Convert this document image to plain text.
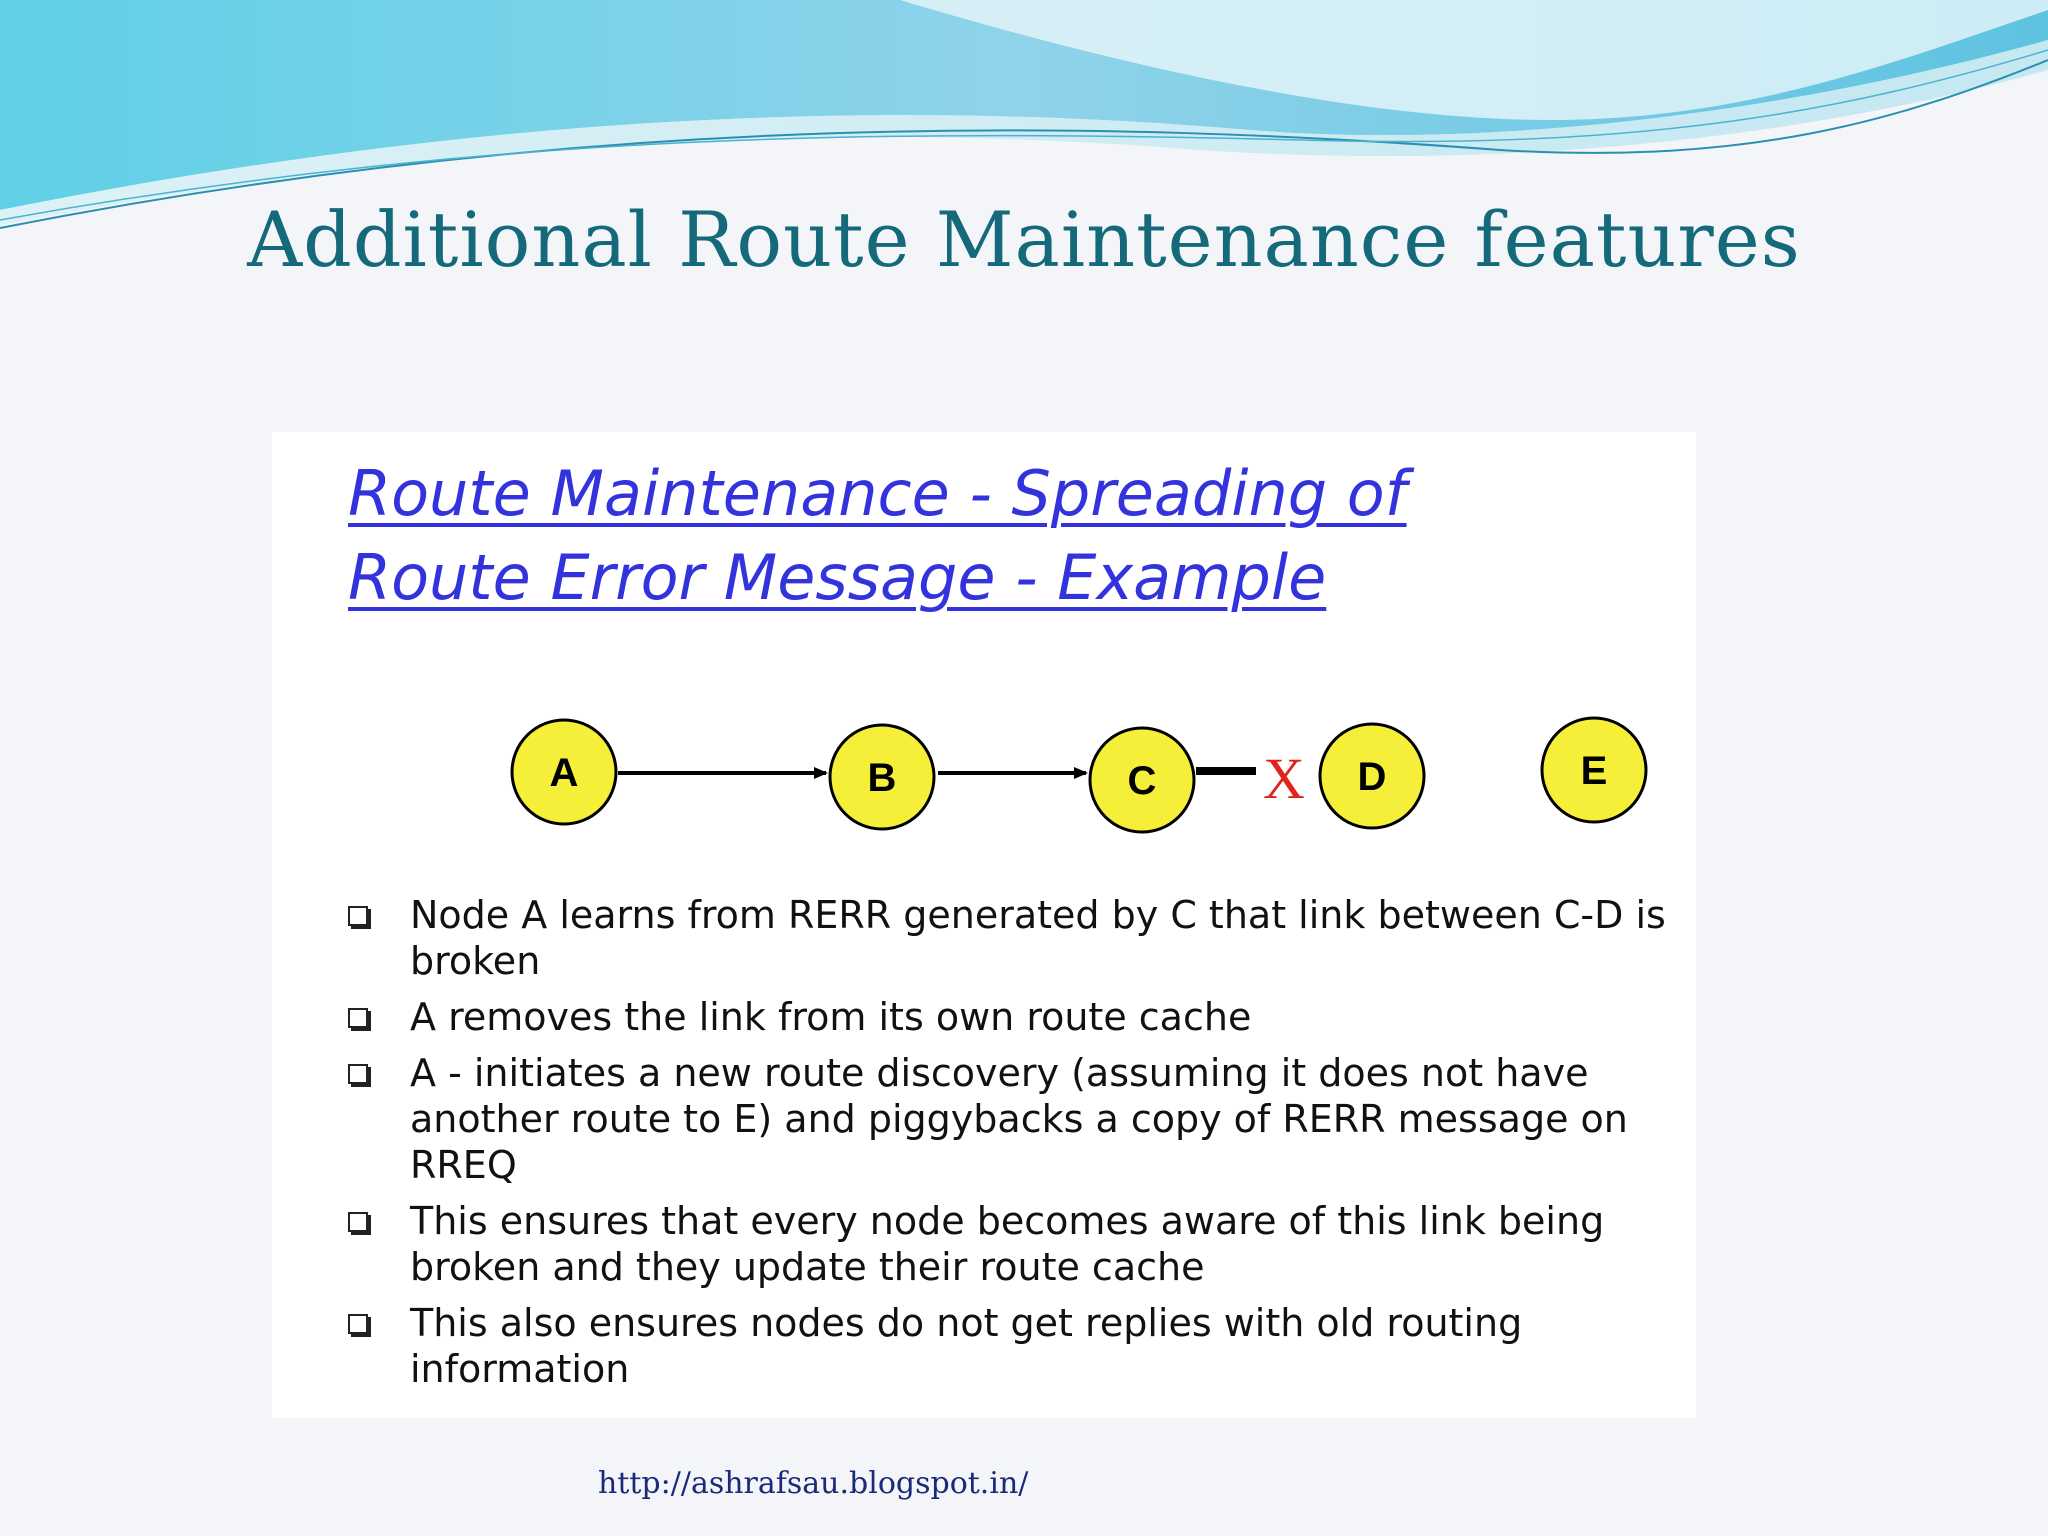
Additional Route Maintenance features
Route Maintenance - Spreading of
Route Error Message - Example
A	B	C X D	E
Node A learns from RERR generated by C that link between C-D is broken
A removes the link from its own route cache
A - initiates a new route discovery (assuming it does not have another route to E) and piggybacks a copy of RERR message on RREQ
This ensures that every node becomes aware of this link being broken and they update their route cache
This also ensures nodes do not get replies with old routing information
http://ashrafsau.blogspot.in/
